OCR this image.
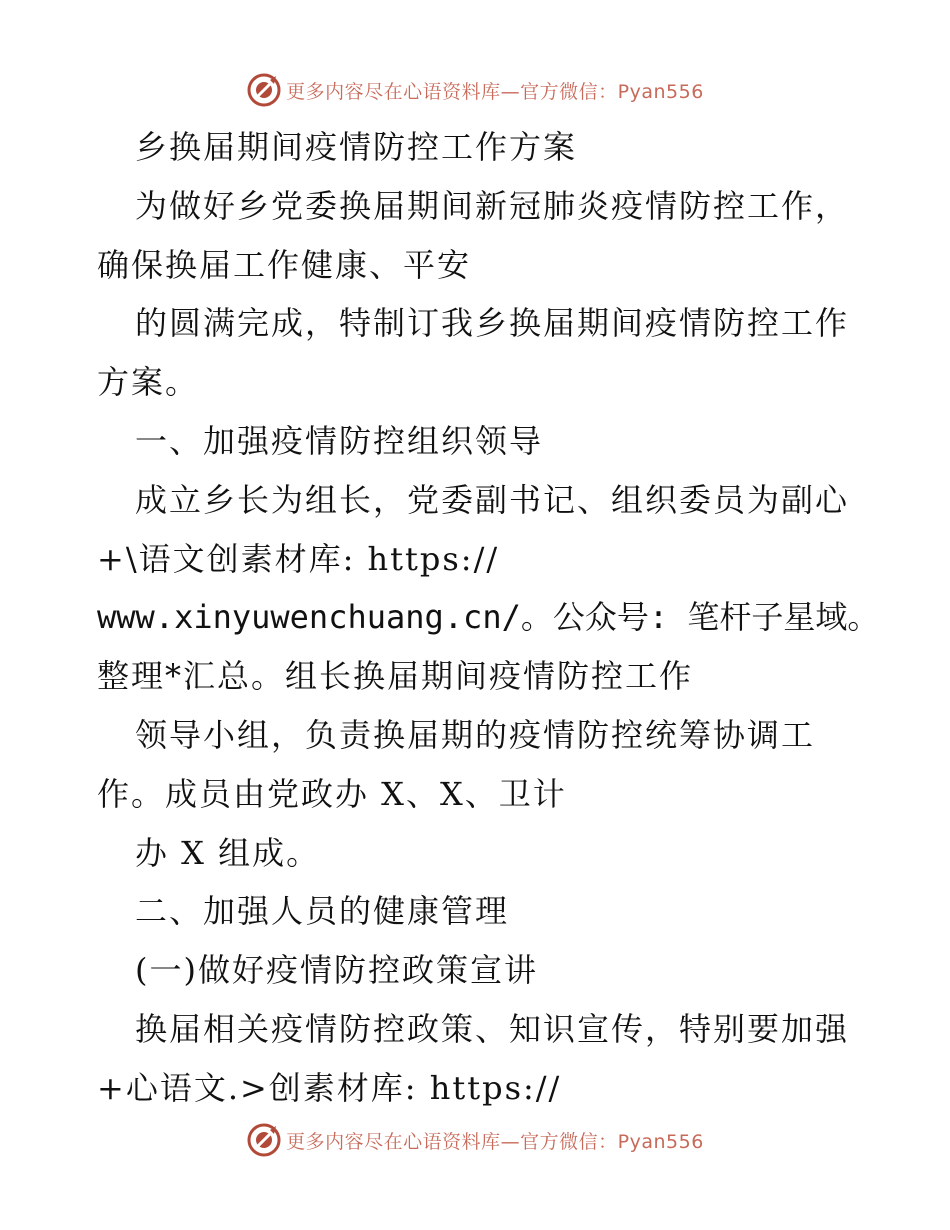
更多内容尽在心语资料库—官方微信：Pyan556
乡换届期间疫情防控工作方案
为做好乡党委换届期间新冠肺炎疫情防控工作，
确保换届工作健康、平安
的圆满完成，特制订我乡换届期间疫情防控工作
方案。
一、加强疫情防控组织领导
成立乡长为组长，党委副书记、组织委员为副心
+\语文创素材库: https://
www.xinyuwenchuang.cn/。公众号: 笔杆子星域。
整理*汇总。组长换届期间疫情防控工作
领导小组，负责换届期的疫情防控统筹协调工
作。成员由党政办 X、X、卫计
办 X 组成。
二、加强人员的健康管理
(一)做好疫情防控政策宣讲
换届相关疫情防控政策、知识宣传，特别要加强
+心语文.>创素材库: https://
更多内容尽在心语资料库—官方微信：Pyan556
